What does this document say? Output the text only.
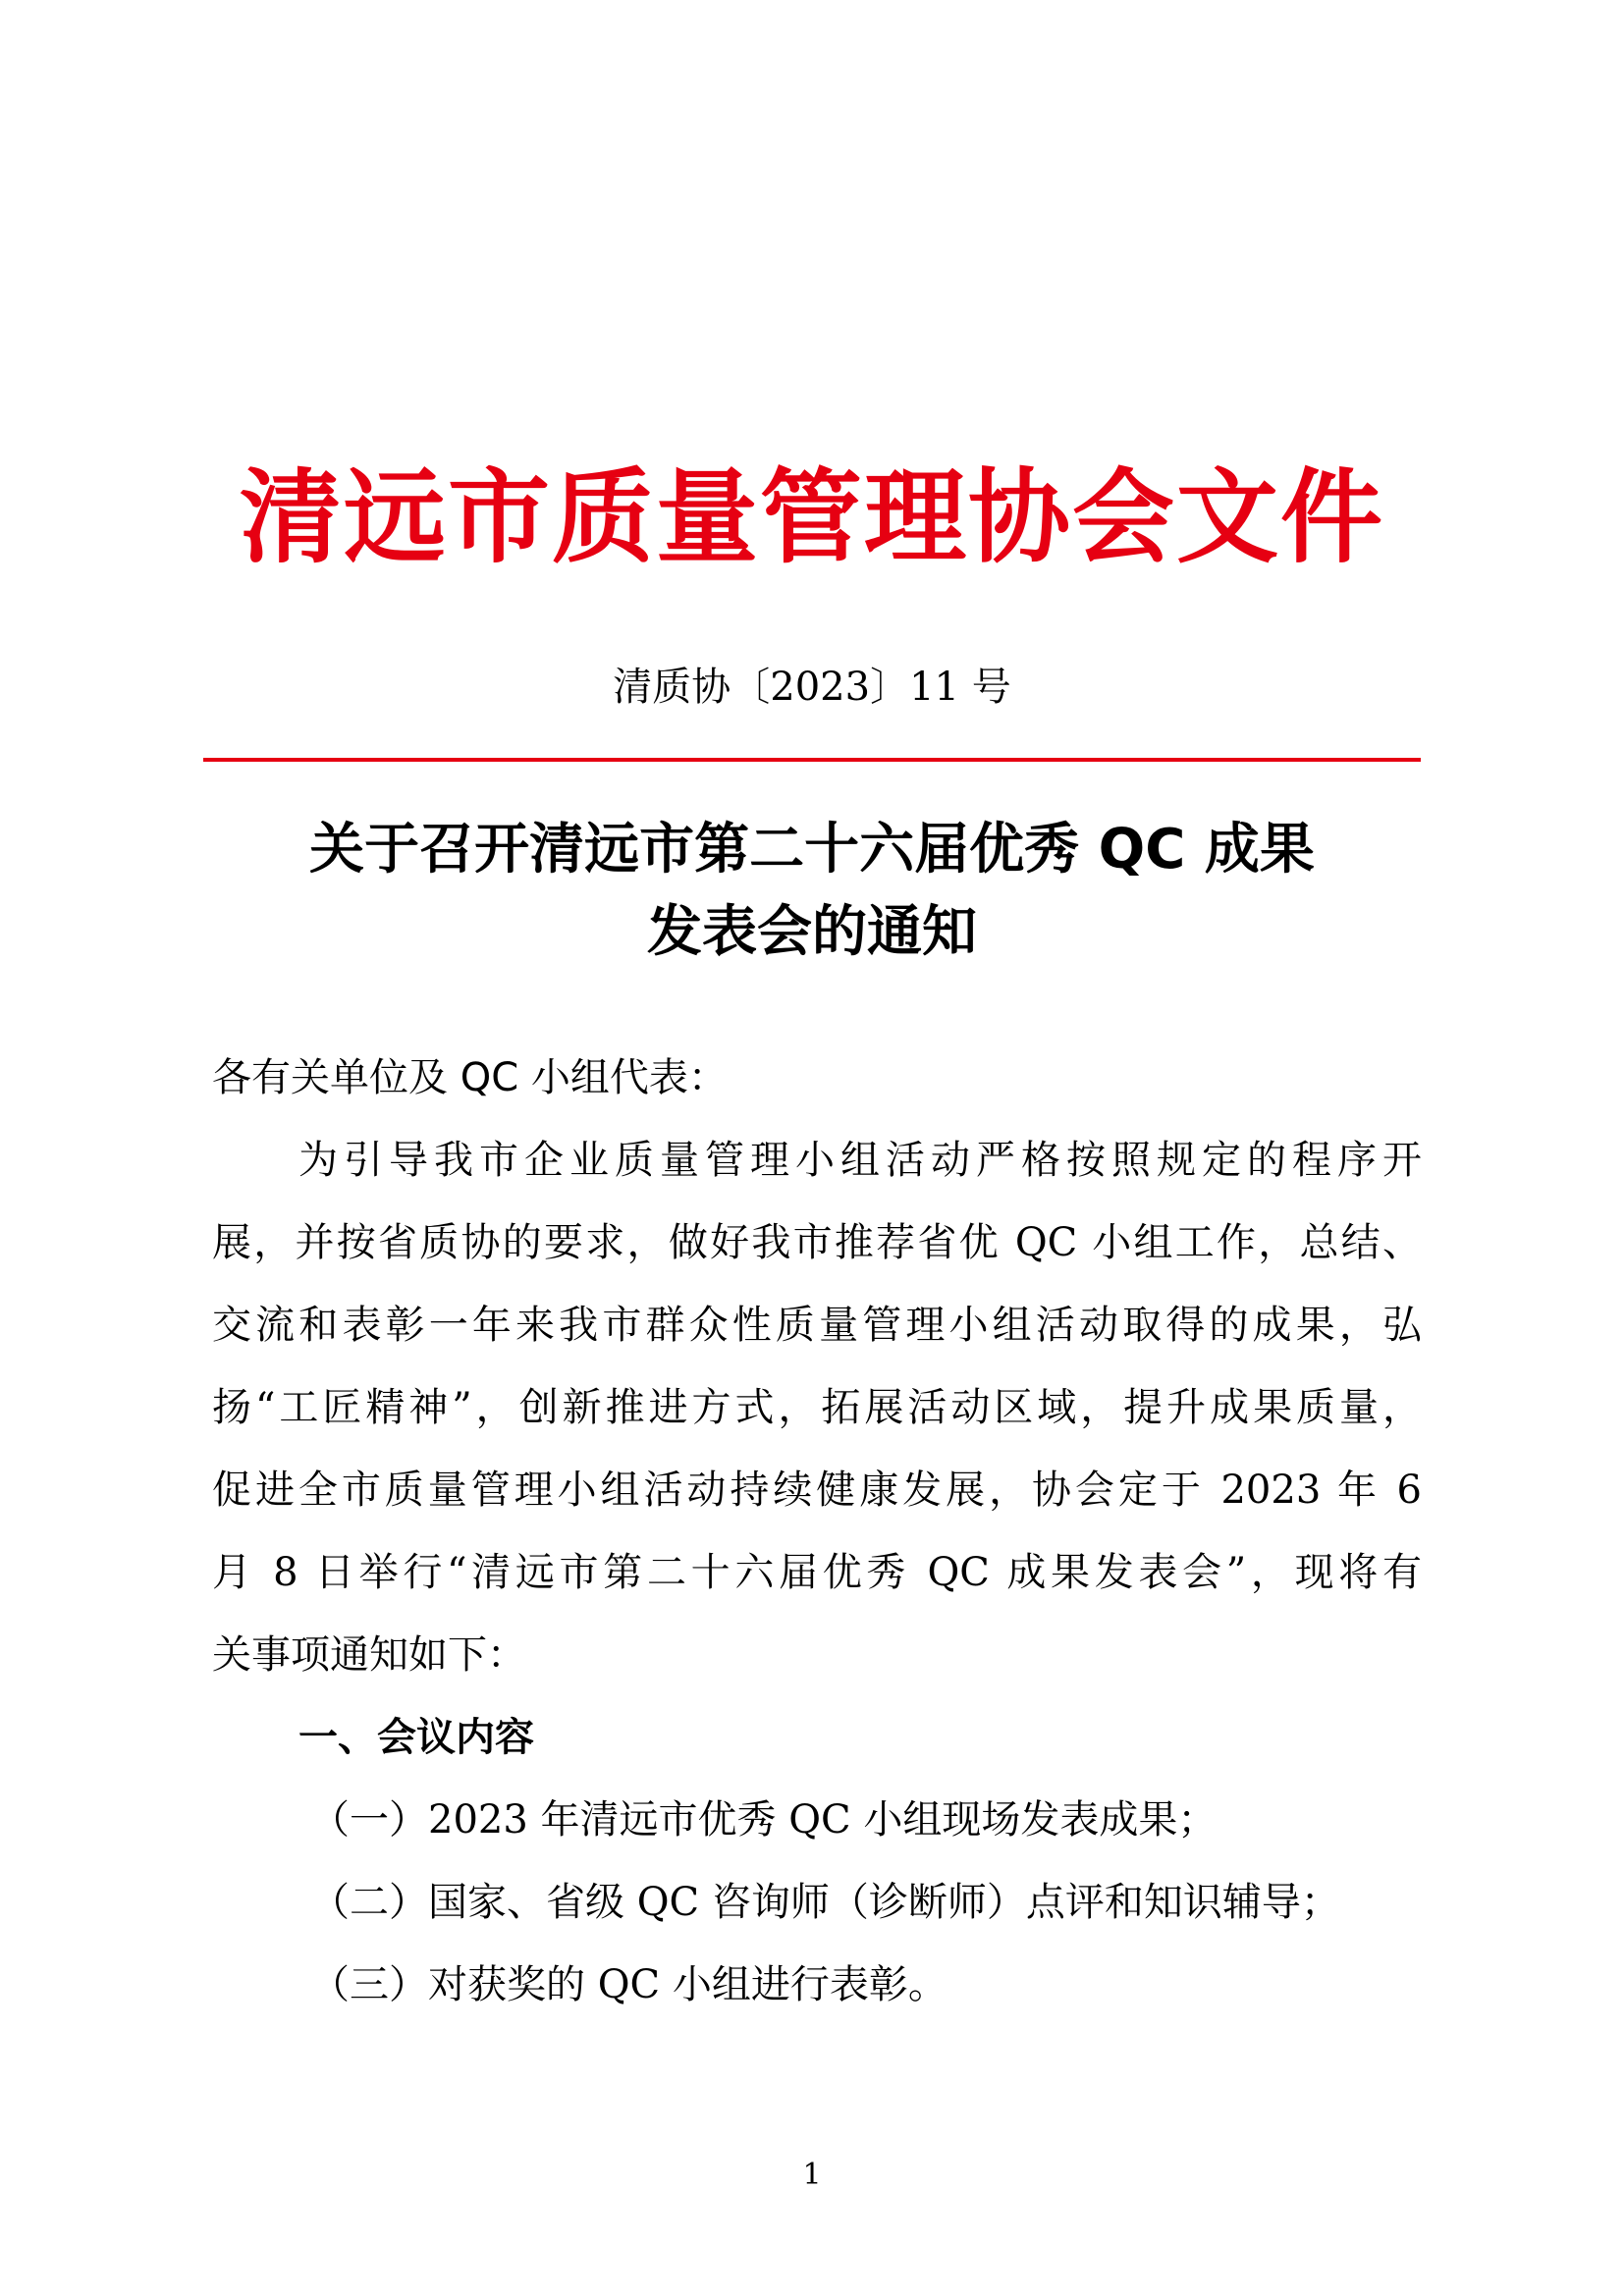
清远市质量管理协会文件
清质协〔2023〕11 号
关于召开清远市第二十六届优秀 QC 成果
发表会的通知
各有关单位及 QC 小组代表：
为引导我市企业质量管理小组活动严格按照规定的程序开
展，并按省质协的要求，做好我市推荐省优 QC 小组工作，总结、
交流和表彰一年来我市群众性质量管理小组活动取得的成果，弘
扬“工匠精神”，创新推进方式，拓展活动区域，提升成果质量，
促进全市质量管理小组活动持续健康发展，协会定于 2023 年 6
月 8 日举行“清远市第二十六届优秀 QC 成果发表会”，现将有
关事项通知如下：
一、会议内容
（一）2023 年清远市优秀 QC 小组现场发表成果；
（二）国家、省级 QC 咨询师（诊断师）点评和知识辅导；
（三）对获奖的 QC 小组进行表彰。
1
